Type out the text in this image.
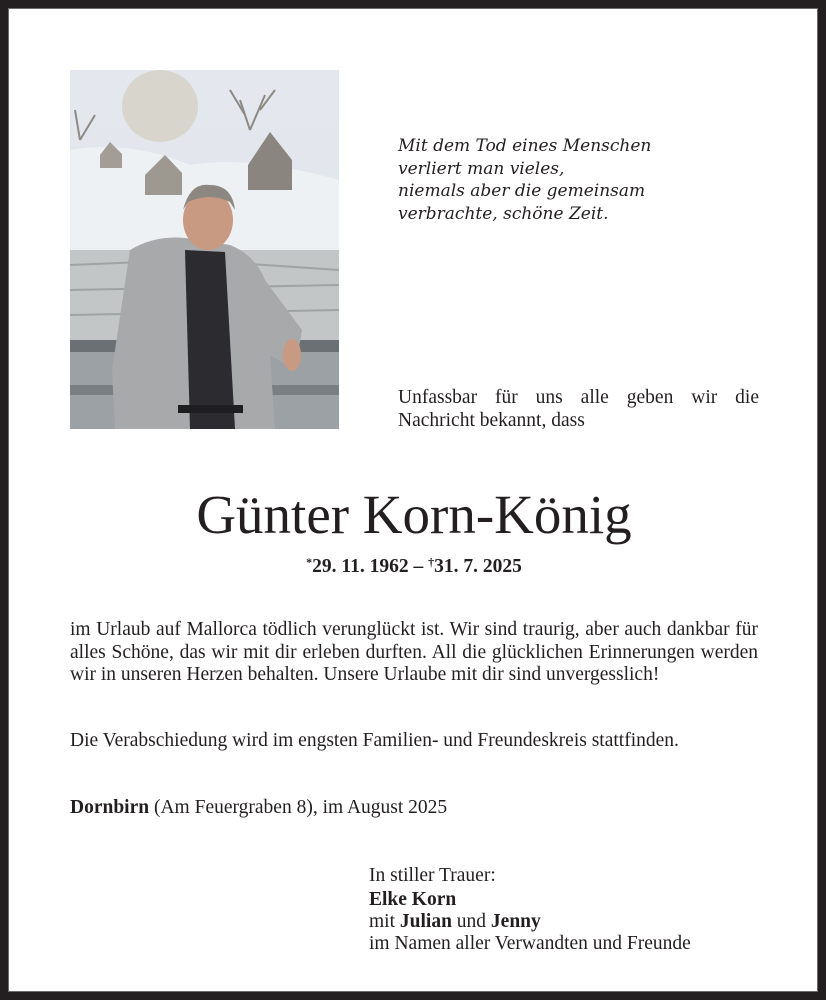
Mit dem Tod eines Menschen
verliert man vieles,
niemals aber die gemeinsam
verbrachte, schöne Zeit.
Unfassbar für uns alle geben wir die Nachricht bekannt, dass
Günter Korn-König
*29. 11. 1962 – †31. 7. 2025
im Urlaub auf Mallorca tödlich verunglückt ist. Wir sind traurig, aber auch dankbar für alles Schöne, das wir mit dir erleben durften. All die glücklichen Erinnerungen werden wir in unseren Herzen behalten. Unsere Urlaube mit dir sind unvergesslich!
Die Verabschiedung wird im engsten Familien- und Freundeskreis stattfinden.
Dornbirn (Am Feuergraben 8), im August 2025
In stiller Trauer:
Elke Korn
mit Julian und Jenny
im Namen aller Verwandten und Freunde
